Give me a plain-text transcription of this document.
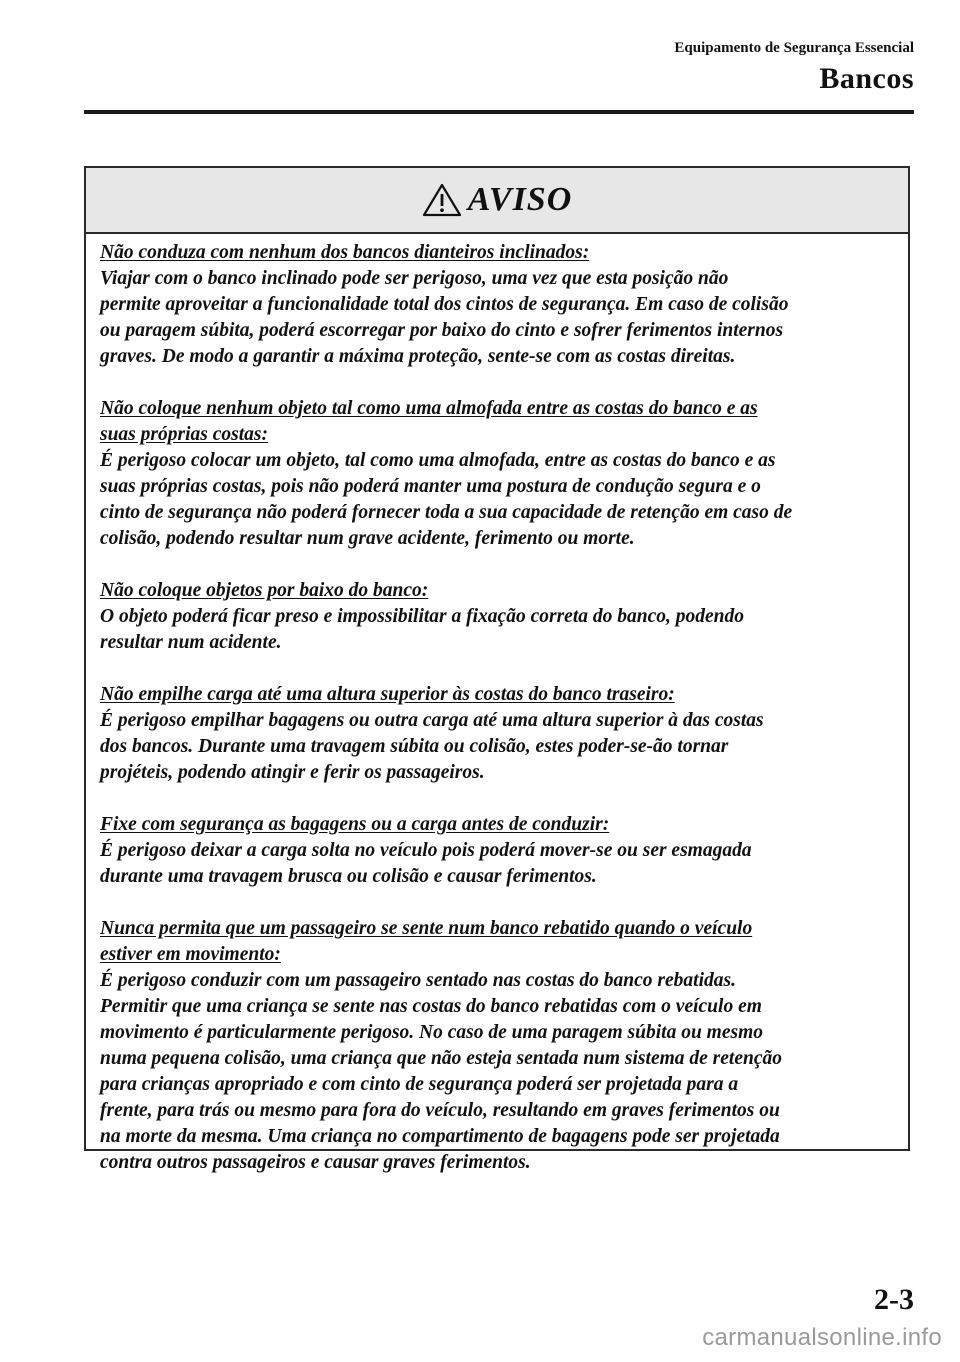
Equipamento de Segurança Essencial
Bancos
AVISO
Não conduza com nenhum dos bancos dianteiros inclinados:
Viajar com o banco inclinado pode ser perigoso, uma vez que esta posição não
permite aproveitar a funcionalidade total dos cintos de segurança. Em caso de colisão
ou paragem súbita, poderá escorregar por baixo do cinto e sofrer ferimentos internos
graves. De modo a garantir a máxima proteção, sente-se com as costas direitas.
Não coloque nenhum objeto tal como uma almofada entre as costas do banco e as
suas próprias costas:
É perigoso colocar um objeto, tal como uma almofada, entre as costas do banco e as
suas próprias costas, pois não poderá manter uma postura de condução segura e o
cinto de segurança não poderá fornecer toda a sua capacidade de retenção em caso de
colisão, podendo resultar num grave acidente, ferimento ou morte.
Não coloque objetos por baixo do banco:
O objeto poderá ficar preso e impossibilitar a fixação correta do banco, podendo
resultar num acidente.
Não empilhe carga até uma altura superior às costas do banco traseiro:
É perigoso empilhar bagagens ou outra carga até uma altura superior à das costas
dos bancos. Durante uma travagem súbita ou colisão, estes poder-se-ão tornar
projéteis, podendo atingir e ferir os passageiros.
Fixe com segurança as bagagens ou a carga antes de conduzir:
É perigoso deixar a carga solta no veículo pois poderá mover-se ou ser esmagada
durante uma travagem brusca ou colisão e causar ferimentos.
Nunca permita que um passageiro se sente num banco rebatido quando o veículo
estiver em movimento:
É perigoso conduzir com um passageiro sentado nas costas do banco rebatidas.
Permitir que uma criança se sente nas costas do banco rebatidas com o veículo em
movimento é particularmente perigoso. No caso de uma paragem súbita ou mesmo
numa pequena colisão, uma criança que não esteja sentada num sistema de retenção
para crianças apropriado e com cinto de segurança poderá ser projetada para a
frente, para trás ou mesmo para fora do veículo, resultando em graves ferimentos ou
na morte da mesma. Uma criança no compartimento de bagagens pode ser projetada
contra outros passageiros e causar graves ferimentos.
2-3
carmanualsonline.info
